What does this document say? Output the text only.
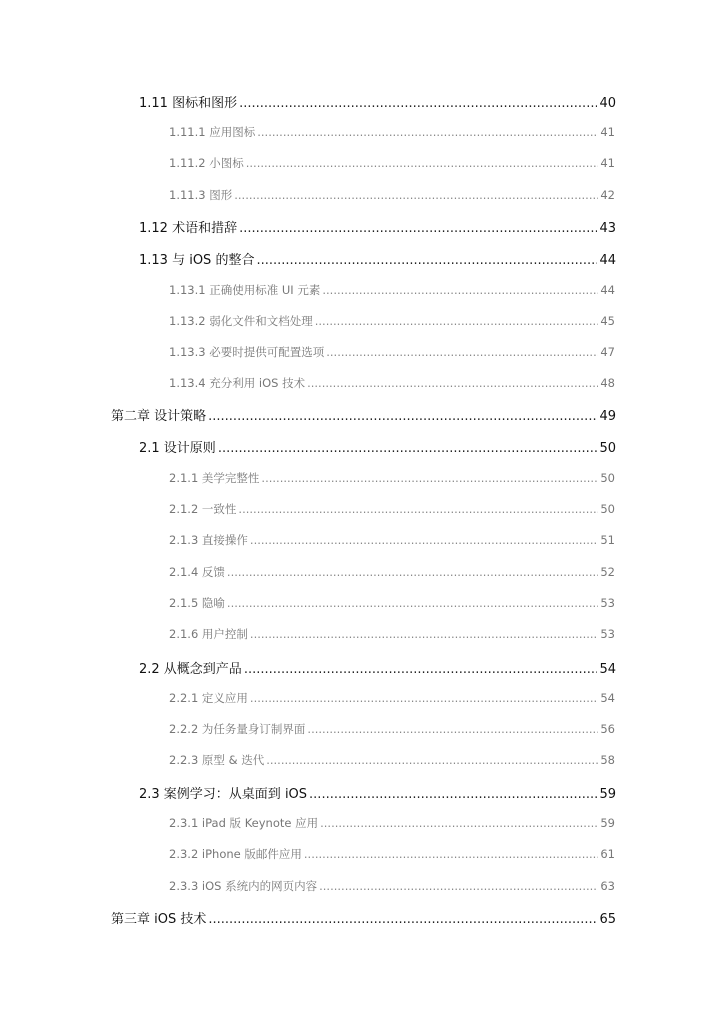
1.11 图标和图形 .....	40
1.11.1 应用图标 .....	41
1.11.2 小图标 .....	41
1.11.3 图形 .....	42
1.12 术语和措辞 .....	43
1.13 与 iOS 的整合 .....	44
1.13.1 正确使用标准 UI 元素 .....	44
1.13.2 弱化文件和文档处理 .....	45
1.13.3 必要时提供可配置选项 .....	47
1.13.4 充分利用 iOS 技术 .....	48
第二章 设计策略 .....	49
2.1 设计原则 .....	50
2.1.1 美学完整性 .....	50
2.1.2 一致性 .....	50
2.1.3 直接操作 .....	51
2.1.4 反馈 .....	52
2.1.5 隐喻 .....	53
2.1.6 用户控制 .....	53
2.2 从概念到产品 .....	54
2.2.1 定义应用 .....	54
2.2.2 为任务量身订制界面 .....	56
2.2.3 原型 & 迭代 .....	58
2.3 案例学习：从桌面到 iOS .....	59
2.3.1 iPad 版 Keynote 应用 .....	59
2.3.2 iPhone 版邮件应用 .....	61
2.3.3 iOS 系统内的网页内容 .....	63
第三章 iOS 技术 .....	65
